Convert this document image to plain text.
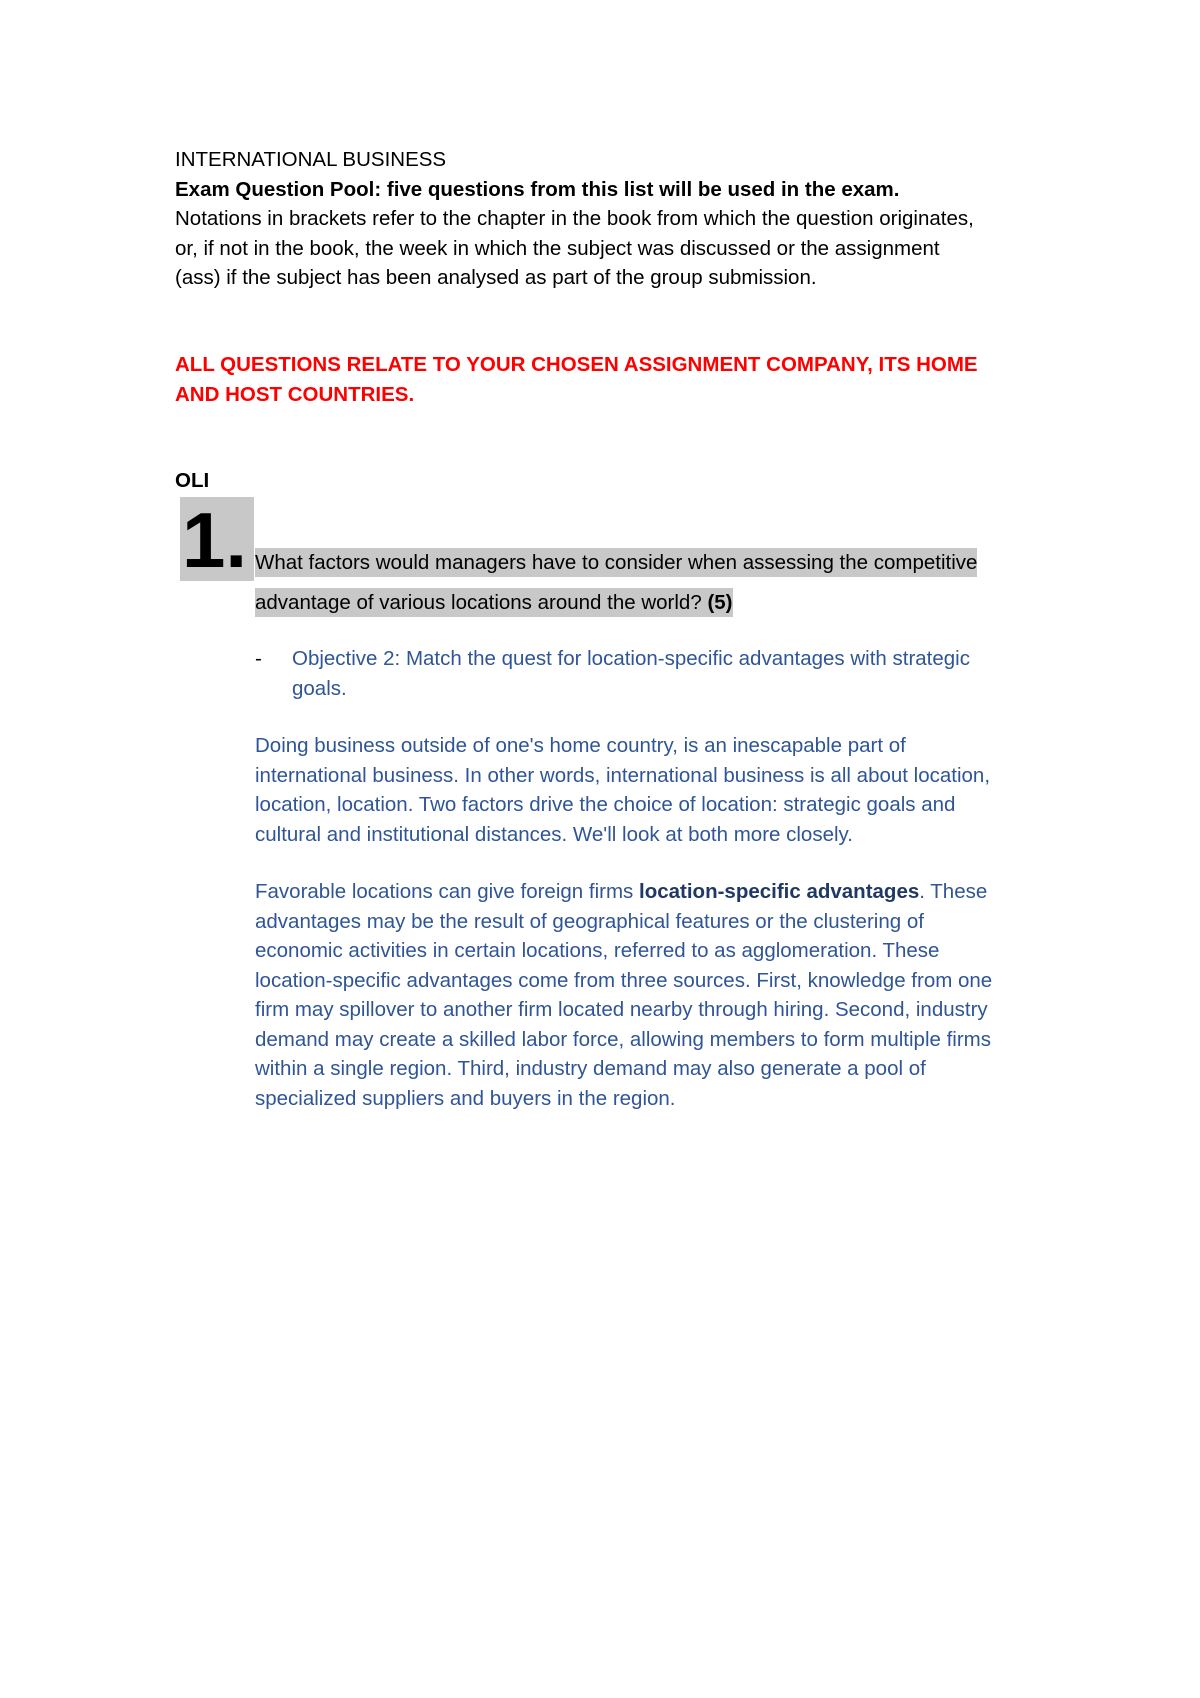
INTERNATIONAL BUSINESS
Exam Question Pool: five questions from this list will be used in the exam.
Notations in brackets refer to the chapter in the book from which the question originates,
or, if not in the book, the week in which the subject was discussed or the assignment
(ass) if the subject has been analysed as part of the group submission.
ALL QUESTIONS RELATE TO YOUR CHOSEN ASSIGNMENT COMPANY, ITS HOME
AND HOST COUNTRIES.
OLI
1. What factors would managers have to consider when assessing the competitive
advantage of various locations around the world? (5)
- Objective 2: Match the quest for location-specific advantages with strategic
goals.
Doing business outside of one's home country, is an inescapable part of
international business. In other words, international business is all about location,
location, location. Two factors drive the choice of location: strategic goals and
cultural and institutional distances. We'll look at both more closely.
Favorable locations can give foreign firms location-specific advantages. These
advantages may be the result of geographical features or the clustering of
economic activities in certain locations, referred to as agglomeration. These
location-specific advantages come from three sources. First, knowledge from one
firm may spillover to another firm located nearby through hiring. Second, industry
demand may create a skilled labor force, allowing members to form multiple firms
within a single region. Third, industry demand may also generate a pool of
specialized suppliers and buyers in the region.
